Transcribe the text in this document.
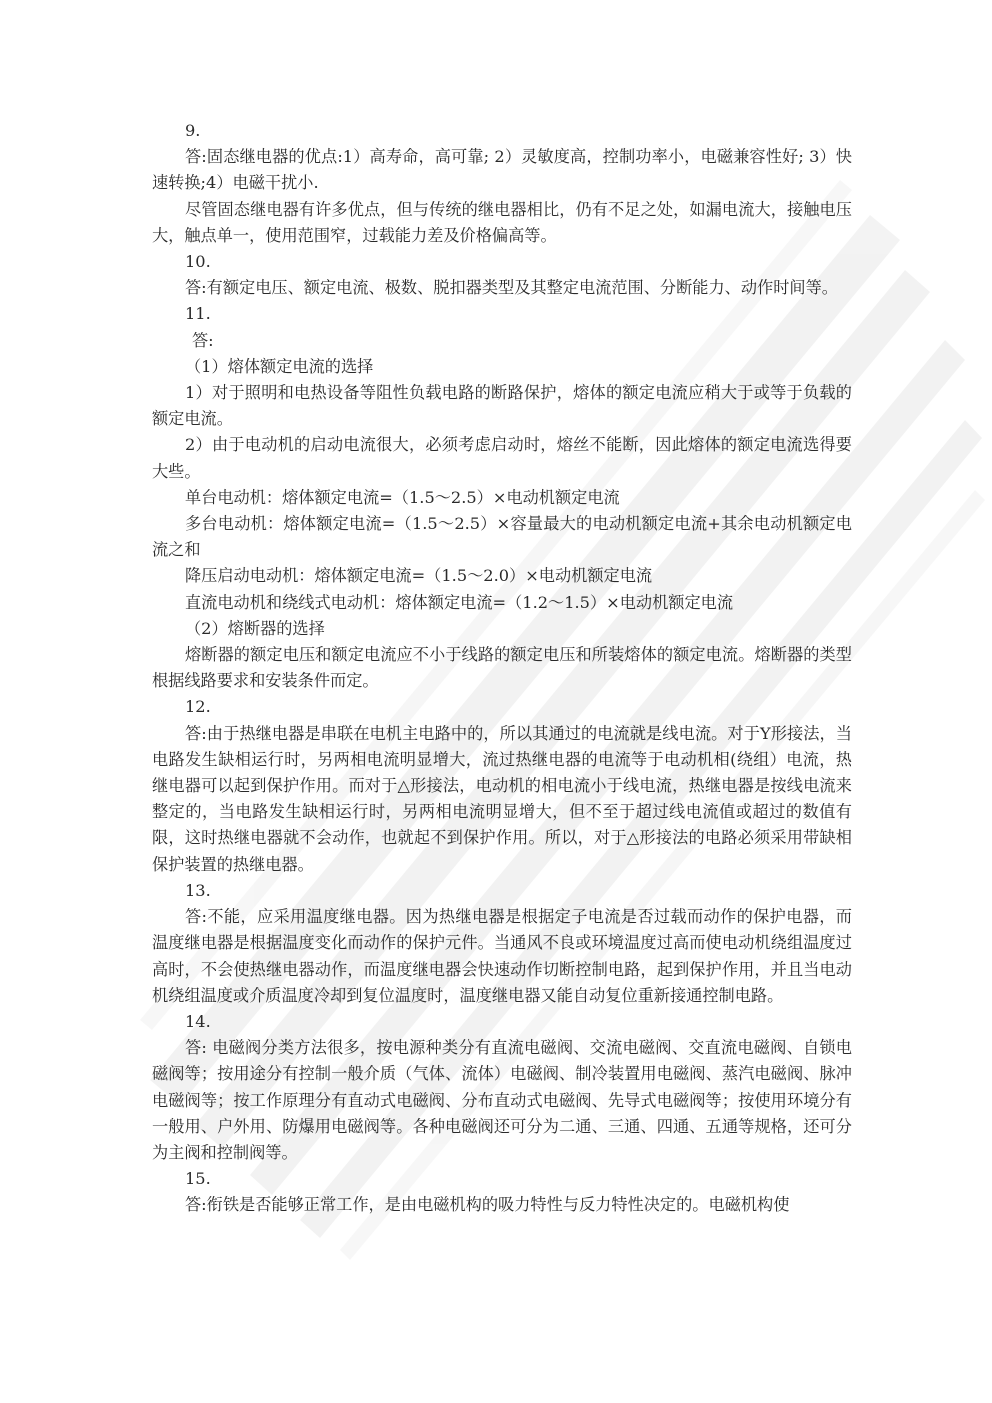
9.

答:固态继电器的优点:1）高寿命，高可靠; 2）灵敏度高，控制功率小，电磁兼容性好; 3）快速转换;4）电磁干扰小.

尽管固态继电器有许多优点，但与传统的继电器相比，仍有不足之处，如漏电流大，接触电压大，触点单一，使用范围窄，过载能力差及价格偏高等。

10.

答:有额定电压、额定电流、极数、脱扣器类型及其整定电流范围、分断能力、动作时间等。

11.

答:

（1）熔体额定电流的选择

1）对于照明和电热设备等阻性负载电路的断路保护，熔体的额定电流应稍大于或等于负载的额定电流。

2）由于电动机的启动电流很大，必须考虑启动时，熔丝不能断，因此熔体的额定电流选得要大些。

单台电动机：熔体额定电流=（1.5～2.5）×电动机额定电流

多台电动机：熔体额定电流=（1.5～2.5）×容量最大的电动机额定电流+其余电动机额定电流之和

降压启动电动机：熔体额定电流=（1.5～2.0）×电动机额定电流

直流电动机和绕线式电动机：熔体额定电流=（1.2～1.5）×电动机额定电流

（2）熔断器的选择

熔断器的额定电压和额定电流应不小于线路的额定电压和所装熔体的额定电流。熔断器的类型根据线路要求和安装条件而定。

12.

答:由于热继电器是串联在电机主电路中的，所以其通过的电流就是线电流。对于Y形接法，当电路发生缺相运行时，另两相电流明显增大，流过热继电器的电流等于电动机相(绕组）电流，热继电器可以起到保护作用。而对于△形接法，电动机的相电流小于线电流，热继电器是按线电流来整定的，当电路发生缺相运行时，另两相电流明显增大，但不至于超过线电流值或超过的数值有限，这时热继电器就不会动作，也就起不到保护作用。所以，对于△形接法的电路必须采用带缺相保护装置的热继电器。

13.

答:不能，应采用温度继电器。因为热继电器是根据定子电流是否过载而动作的保护电器，而温度继电器是根据温度变化而动作的保护元件。当通风不良或环境温度过高而使电动机绕组温度过高时，不会使热继电器动作，而温度继电器会快速动作切断控制电路，起到保护作用，并且当电动机绕组温度或介质温度冷却到复位温度时，温度继电器又能自动复位重新接通控制电路。

14.

答: 电磁阀分类方法很多，按电源种类分有直流电磁阀、交流电磁阀、交直流电磁阀、自锁电磁阀等；按用途分有控制一般介质（气体、流体）电磁阀、制冷装置用电磁阀、蒸汽电磁阀、脉冲电磁阀等；按工作原理分有直动式电磁阀、分布直动式电磁阀、先导式电磁阀等；按使用环境分有一般用、户外用、防爆用电磁阀等。各种电磁阀还可分为二通、三通、四通、五通等规格，还可分为主阀和控制阀等。

15.

答:衔铁是否能够正常工作，是由电磁机构的吸力特性与反力特性决定的。电磁机构使
